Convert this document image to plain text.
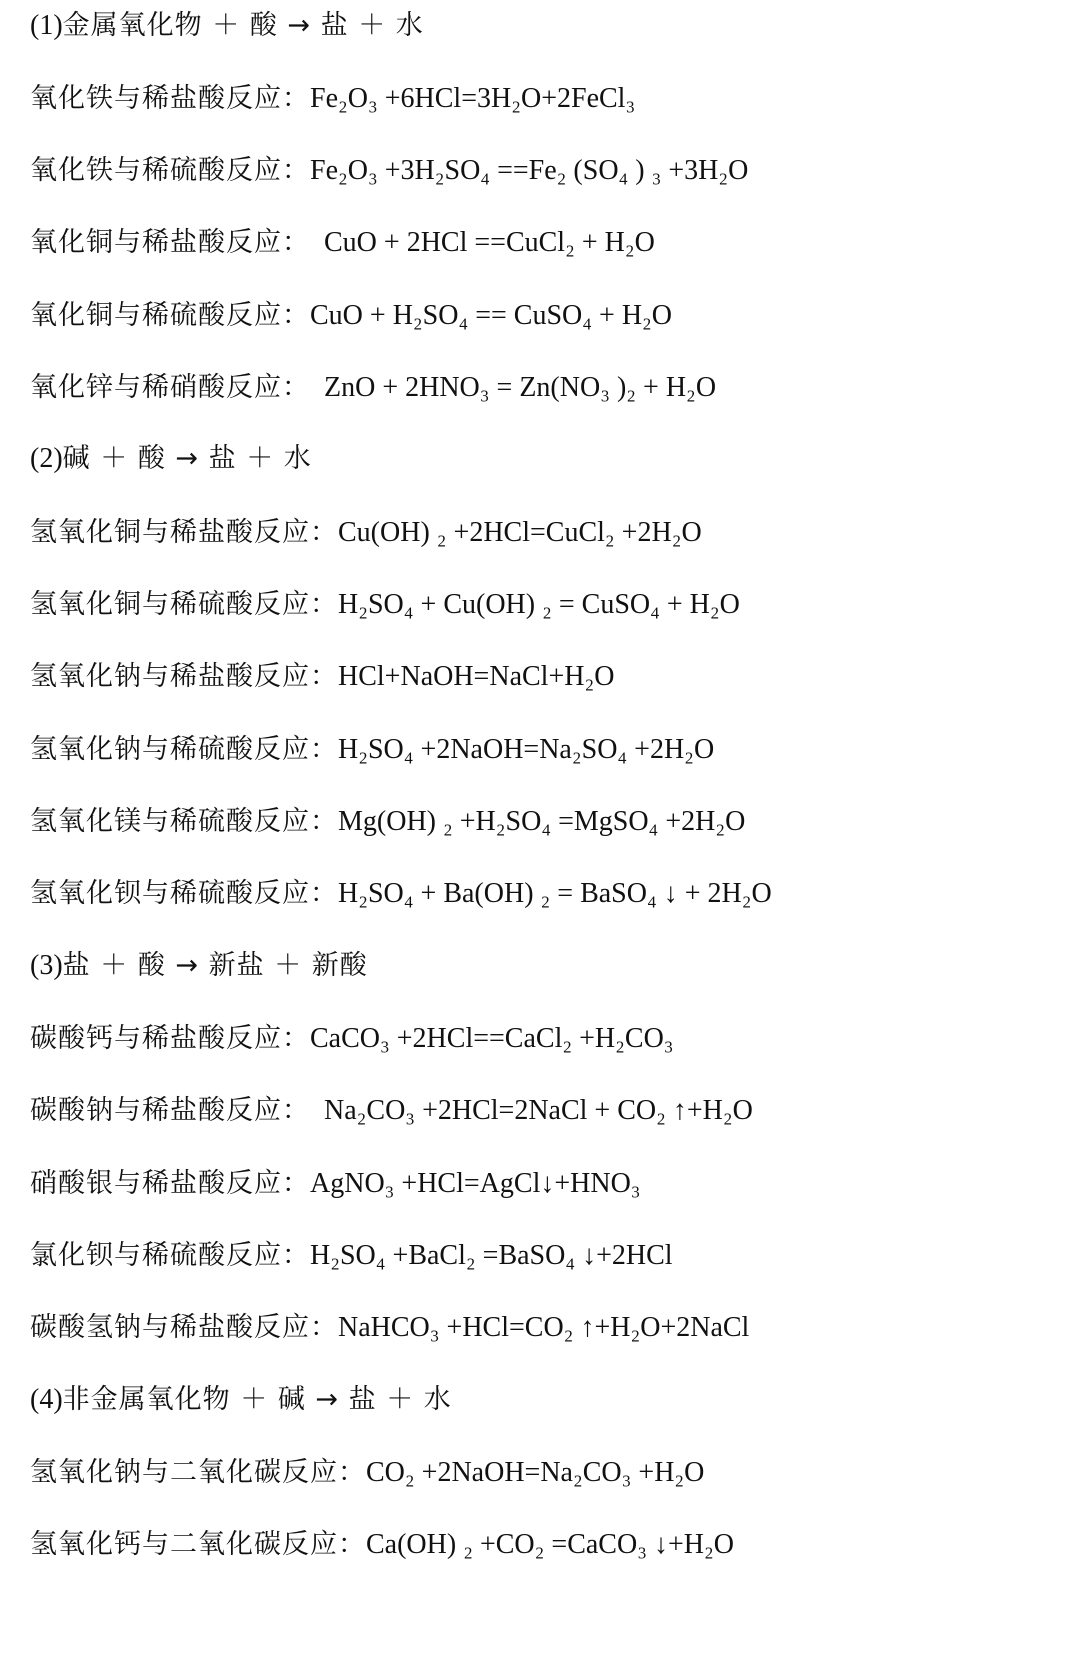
(1)金属氧化物 ＋ 酸 → 盐 ＋ 水
氧化铁与稀盐酸反应：Fe₂O₃ +6HCl=3H₂O+2FeCl₃
氧化铁与稀硫酸反应：Fe₂O₃ +3H₂SO₄ ==Fe₂ (SO₄ ) ₃ +3H₂O
氧化铜与稀盐酸反应：  CuO + 2HCl ==CuCl₂ + H₂O
氧化铜与稀硫酸反应：CuO + H₂SO₄ == CuSO₄ + H₂O
氧化锌与稀硝酸反应：  ZnO + 2HNO₃ = Zn(NO₃ )₂ + H₂O
(2)碱 ＋ 酸 → 盐 ＋ 水
氢氧化铜与稀盐酸反应：Cu(OH) ₂ +2HCl=CuCl₂ +2H₂O
氢氧化铜与稀硫酸反应：H₂SO₄ + Cu(OH) ₂ = CuSO₄ + H₂O
氢氧化钠与稀盐酸反应：HCl+NaOH=NaCl+H₂O
氢氧化钠与稀硫酸反应：H₂SO₄ +2NaOH=Na₂SO₄ +2H₂O
氢氧化镁与稀硫酸反应：Mg(OH) ₂ +H₂SO₄ =MgSO₄ +2H₂O
氢氧化钡与稀硫酸反应：H₂SO₄ + Ba(OH) ₂ = BaSO₄ ↓ + 2H₂O
(3)盐 ＋ 酸 → 新盐 ＋ 新酸
碳酸钙与稀盐酸反应：CaCO₃ +2HCl==CaCl₂ +H₂CO₃
碳酸钠与稀盐酸反应：  Na₂CO₃ +2HCl=2NaCl + CO₂ ↑+H₂O
硝酸银与稀盐酸反应：AgNO₃ +HCl=AgCl↓+HNO₃
氯化钡与稀硫酸反应：H₂SO₄ +BaCl₂ =BaSO₄ ↓+2HCl
碳酸氢钠与稀盐酸反应：NaHCO₃ +HCl=CO₂ ↑+H₂O+2NaCl
(4)非金属氧化物 ＋ 碱 → 盐 ＋ 水
氢氧化钠与二氧化碳反应：CO₂ +2NaOH=Na₂CO₃ +H₂O
氢氧化钙与二氧化碳反应：Ca(OH) ₂ +CO₂ =CaCO₃ ↓+H₂O
